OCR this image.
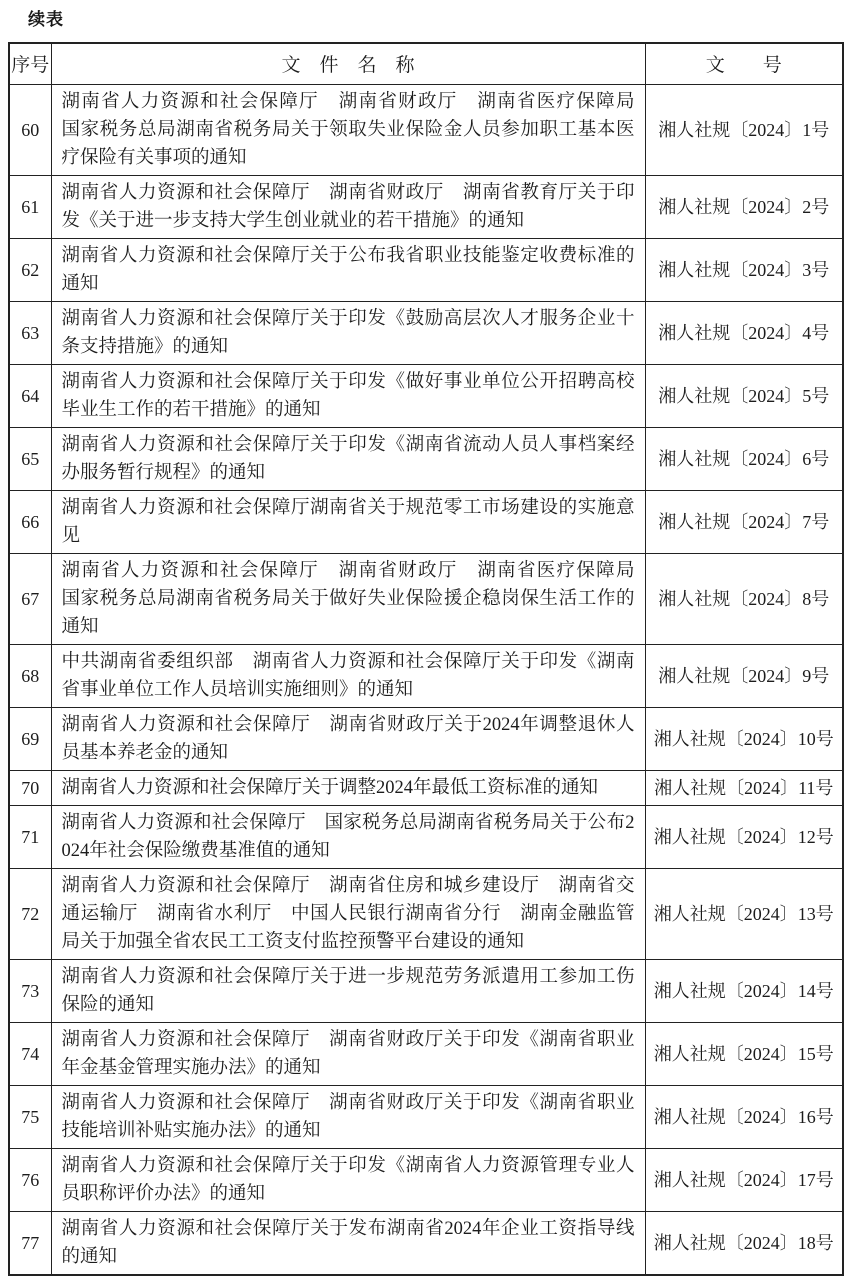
续表
序号	文　件　名　称	文　　号
60	湖南省人力资源和社会保障厅　湖南省财政厅　湖南省医疗保障局　国家税务总局湖南省税务局关于领取失业保险金人员参加职工基本医疗保险有关事项的通知	湘人社规〔2024〕1号
61	湖南省人力资源和社会保障厅　湖南省财政厅　湖南省教育厅关于印发《关于进一步支持大学生创业就业的若干措施》的通知	湘人社规〔2024〕2号
62	湖南省人力资源和社会保障厅关于公布我省职业技能鉴定收费标准的通知	湘人社规〔2024〕3号
63	湖南省人力资源和社会保障厅关于印发《鼓励高层次人才服务企业十条支持措施》的通知	湘人社规〔2024〕4号
64	湖南省人力资源和社会保障厅关于印发《做好事业单位公开招聘高校毕业生工作的若干措施》的通知	湘人社规〔2024〕5号
65	湖南省人力资源和社会保障厅关于印发《湖南省流动人员人事档案经办服务暂行规程》的通知	湘人社规〔2024〕6号
66	湖南省人力资源和社会保障厅湖南省关于规范零工市场建设的实施意见	湘人社规〔2024〕7号
67	湖南省人力资源和社会保障厅　湖南省财政厅　湖南省医疗保障局　国家税务总局湖南省税务局关于做好失业保险援企稳岗保生活工作的通知	湘人社规〔2024〕8号
68	中共湖南省委组织部　湖南省人力资源和社会保障厅关于印发《湖南省事业单位工作人员培训实施细则》的通知	湘人社规〔2024〕9号
69	湖南省人力资源和社会保障厅　湖南省财政厅关于2024年调整退休人员基本养老金的通知	湘人社规〔2024〕10号
70	湖南省人力资源和社会保障厅关于调整2024年最低工资标准的通知	湘人社规〔2024〕11号
71	湖南省人力资源和社会保障厅　国家税务总局湖南省税务局关于公布2024年社会保险缴费基准值的通知	湘人社规〔2024〕12号
72	湖南省人力资源和社会保障厅　湖南省住房和城乡建设厅　湖南省交通运输厅　湖南省水利厅　中国人民银行湖南省分行　湖南金融监管局关于加强全省农民工工资支付监控预警平台建设的通知	湘人社规〔2024〕13号
73	湖南省人力资源和社会保障厅关于进一步规范劳务派遣用工参加工伤保险的通知	湘人社规〔2024〕14号
74	湖南省人力资源和社会保障厅　湖南省财政厅关于印发《湖南省职业年金基金管理实施办法》的通知	湘人社规〔2024〕15号
75	湖南省人力资源和社会保障厅　湖南省财政厅关于印发《湖南省职业技能培训补贴实施办法》的通知	湘人社规〔2024〕16号
76	湖南省人力资源和社会保障厅关于印发《湖南省人力资源管理专业人员职称评价办法》的通知	湘人社规〔2024〕17号
77	湖南省人力资源和社会保障厅关于发布湖南省2024年企业工资指导线的通知	湘人社规〔2024〕18号
